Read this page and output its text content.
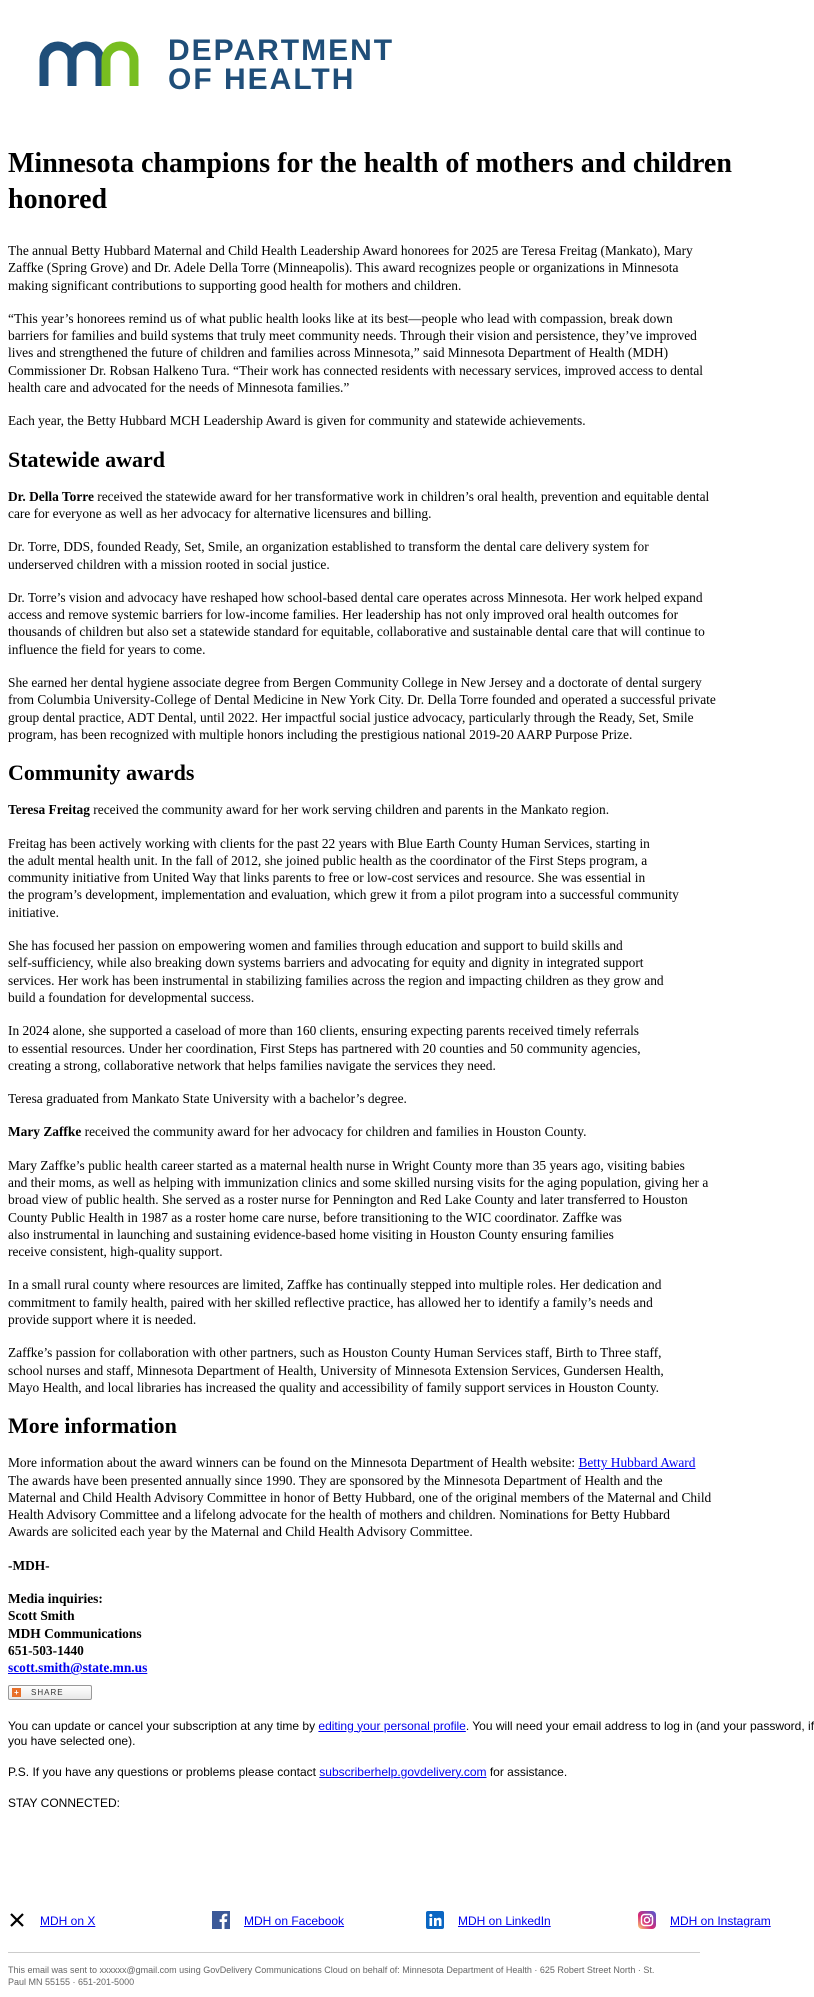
DEPARTMENT
OF HEALTH
Minnesota champions for the health of mothers and children
honored

The annual Betty Hubbard Maternal and Child Health Leadership Award honorees for 2025 are Teresa Freitag (Mankato), Mary
Zaffke (Spring Grove) and Dr. Adele Della Torre (Minneapolis). This award recognizes people or organizations in Minnesota
making significant contributions to supporting good health for mothers and children.

“This year’s honorees remind us of what public health looks like at its best—people who lead with compassion, break down
barriers for families and build systems that truly meet community needs. Through their vision and persistence, they’ve improved
lives and strengthened the future of children and families across Minnesota,” said Minnesota Department of Health (MDH)
Commissioner Dr. Robsan Halkeno Tura. “Their work has connected residents with necessary services, improved access to dental
health care and advocated for the needs of Minnesota families.”

Each year, the Betty Hubbard MCH Leadership Award is given for community and statewide achievements.

Statewide award

Dr. Della Torre received the statewide award for her transformative work in children’s oral health, prevention and equitable dental
care for everyone as well as her advocacy for alternative licensures and billing.

Dr. Torre, DDS, founded Ready, Set, Smile, an organization established to transform the dental care delivery system for
underserved children with a mission rooted in social justice.

Dr. Torre’s vision and advocacy have reshaped how school-based dental care operates across Minnesota. Her work helped expand
access and remove systemic barriers for low-income families. Her leadership has not only improved oral health outcomes for
thousands of children but also set a statewide standard for equitable, collaborative and sustainable dental care that will continue to
influence the field for years to come.

She earned her dental hygiene associate degree from Bergen Community College in New Jersey and a doctorate of dental surgery
from Columbia University-College of Dental Medicine in New York City. Dr. Della Torre founded and operated a successful private
group dental practice, ADT Dental, until 2022. Her impactful social justice advocacy, particularly through the Ready, Set, Smile
program, has been recognized with multiple honors including the prestigious national 2019-20 AARP Purpose Prize.

Community awards

Teresa Freitag received the community award for her work serving children and parents in the Mankato region.

Freitag has been actively working with clients for the past 22 years with Blue Earth County Human Services, starting in
the adult mental health unit. In the fall of 2012, she joined public health as the coordinator of the First Steps program, a
community initiative from United Way that links parents to free or low-cost services and resource. She was essential in
the program’s development, implementation and evaluation, which grew it from a pilot program into a successful community
initiative.

She has focused her passion on empowering women and families through education and support to build skills and
self-sufficiency, while also breaking down systems barriers and advocating for equity and dignity in integrated support
services. Her work has been instrumental in stabilizing families across the region and impacting children as they grow and
build a foundation for developmental success.

In 2024 alone, she supported a caseload of more than 160 clients, ensuring expecting parents received timely referrals
to essential resources. Under her coordination, First Steps has partnered with 20 counties and 50 community agencies,
creating a strong, collaborative network that helps families navigate the services they need.

Teresa graduated from Mankato State University with a bachelor’s degree.

Mary Zaffke received the community award for her advocacy for children and families in Houston County.

Mary Zaffke’s public health career started as a maternal health nurse in Wright County more than 35 years ago, visiting babies
and their moms, as well as helping with immunization clinics and some skilled nursing visits for the aging population, giving her a
broad view of public health. She served as a roster nurse for Pennington and Red Lake County and later transferred to Houston
County Public Health in 1987 as a roster home care nurse, before transitioning to the WIC coordinator. Zaffke was
also instrumental in launching and sustaining evidence-based home visiting in Houston County ensuring families
receive consistent, high-quality support.

In a small rural county where resources are limited, Zaffke has continually stepped into multiple roles. Her dedication and
commitment to family health, paired with her skilled reflective practice, has allowed her to identify a family’s needs and
provide support where it is needed.

Zaffke’s passion for collaboration with other partners, such as Houston County Human Services staff, Birth to Three staff,
school nurses and staff, Minnesota Department of Health, University of Minnesota Extension Services, Gundersen Health,
Mayo Health, and local libraries has increased the quality and accessibility of family support services in Houston County.

More information

More information about the award winners can be found on the Minnesota Department of Health website: Betty Hubbard Award
The awards have been presented annually since 1990. They are sponsored by the Minnesota Department of Health and the
Maternal and Child Health Advisory Committee in honor of Betty Hubbard, one of the original members of the Maternal and Child
Health Advisory Committee and a lifelong advocate for the health of mothers and children. Nominations for Betty Hubbard
Awards are solicited each year by the Maternal and Child Health Advisory Committee.

-MDH-

Media inquiries:

Scott Smith

MDH Communications

651-503-1440

scott.smith@state.mn.us

+ SHARE

You can update or cancel your subscription at any time by editing your personal profile. You will need your email address to log in (and your password, if
you have selected one).

P.S. If you have any questions or problems please contact subscriberhelp.govdelivery.com for assistance.

STAY CONNECTED:

MDH on X	MDH on Facebook	MDH on LinkedIn	MDH on Instagram
This email was sent to xxxxxx@gmail.com using GovDelivery Communications Cloud on behalf of: Minnesota Department of Health · 625 Robert Street North · St.
Paul MN 55155 · 651-201-5000
